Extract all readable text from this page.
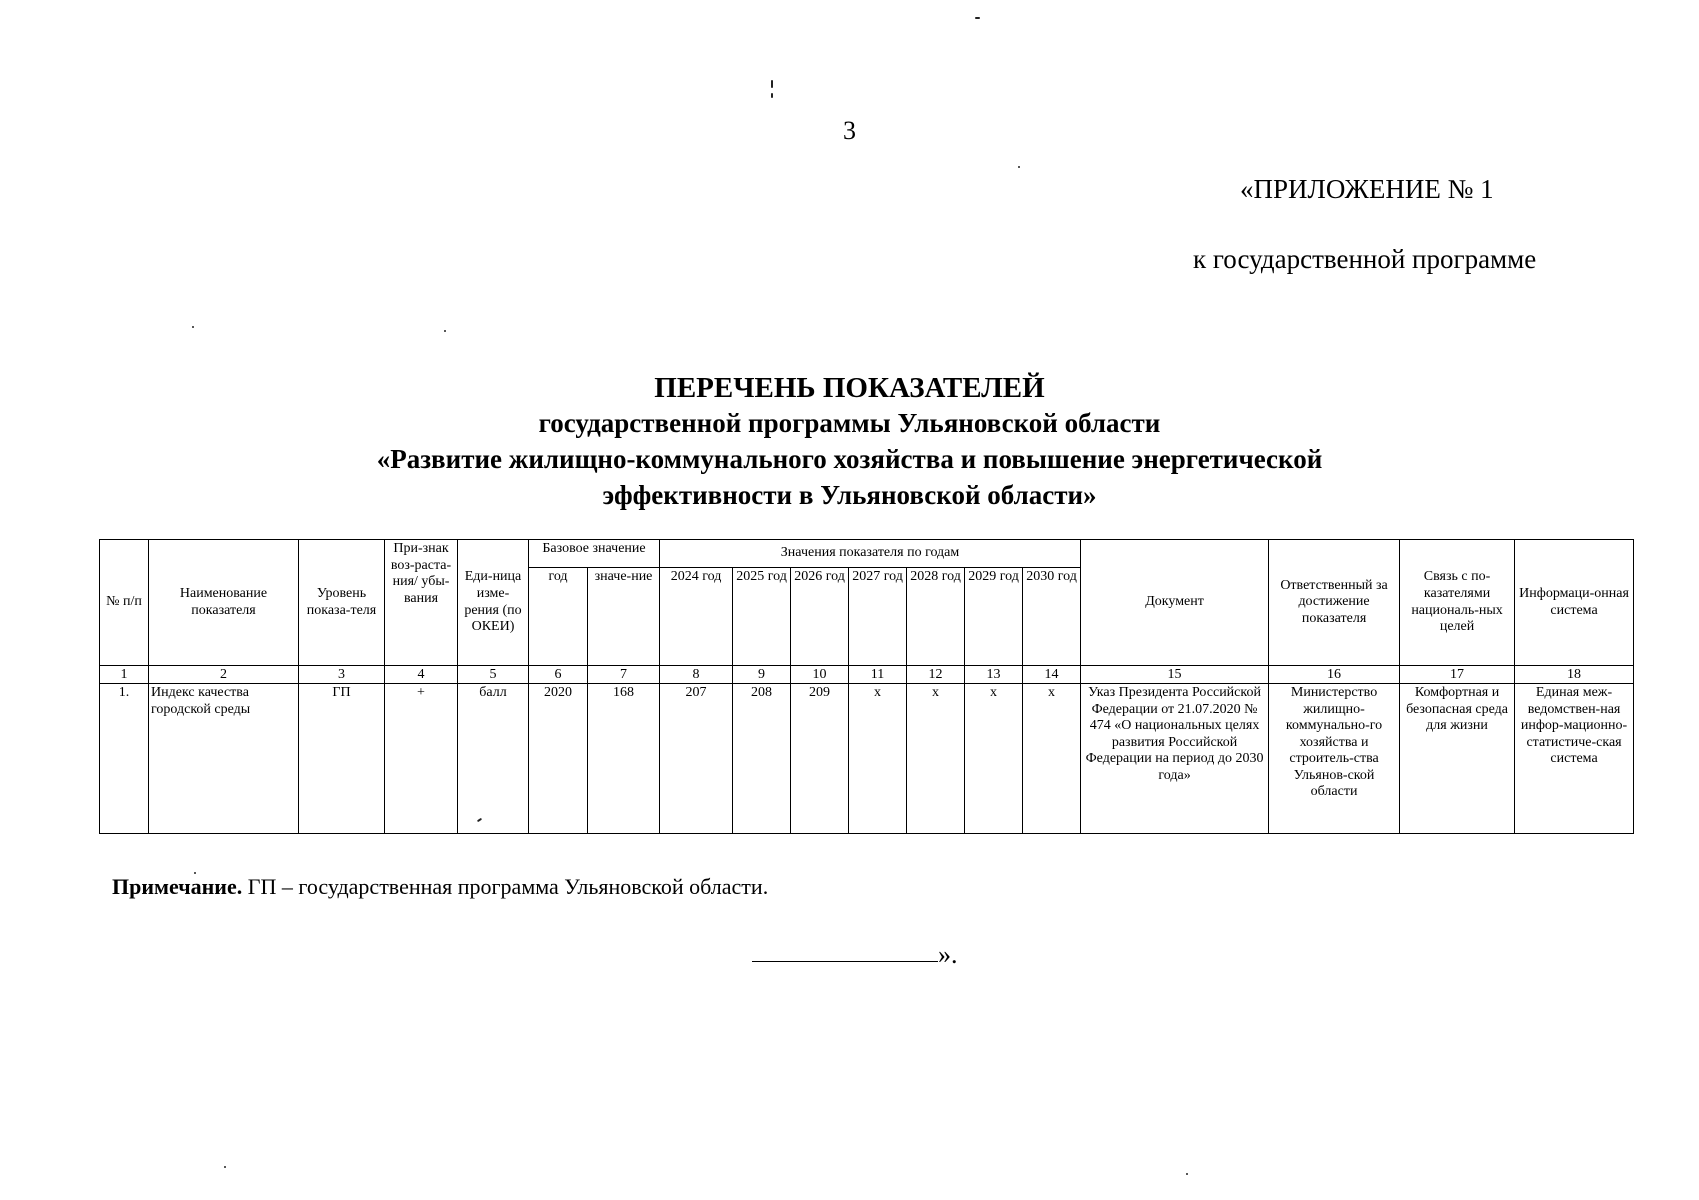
3
«ПРИЛОЖЕНИЕ № 1
к государственной программе
ПЕРЕЧЕНЬ ПОКАЗАТЕЛЕЙ
государственной программы Ульяновской области
«Развитие жилищно-коммунального хозяйства и повышение энергетической
эффективности в Ульяновской области»
№ п/п	Наименование показателя	Уровень показа-теля	При-знак воз-раста-ния/ убы-вания	Еди-ница изме-рения (по ОКЕИ)	Базовое значение		Значения показателя по годам							Документ	Ответственный за достижение показателя	Связь с по-казателями националь-ных целей	Информаци-онная система
					год	значе-ние	2024 год	2025 год	2026 год	2027 год	2028 год	2029 год	2030 год				
1	2	3	4	5	6	7	8	9	10	11	12	13	14	15	16	17	18
1.	Индекс качества городской среды	ГП	+	балл	2020	168	207	208	209	x	x	x	x	Указ Президента Российской Федерации от 21.07.2020 № 474 «О национальных целях развития Российской Федерации на период до 2030 года»	Министерство жилищно-коммунально-го хозяйства и строитель-ства Ульянов-ской области	Комфортная и безопасная среда для жизни	Единая меж-ведомствен-ная инфор-мационно-статистиче-ская система
Примечание. ГП – государственная программа Ульяновской области.
».
